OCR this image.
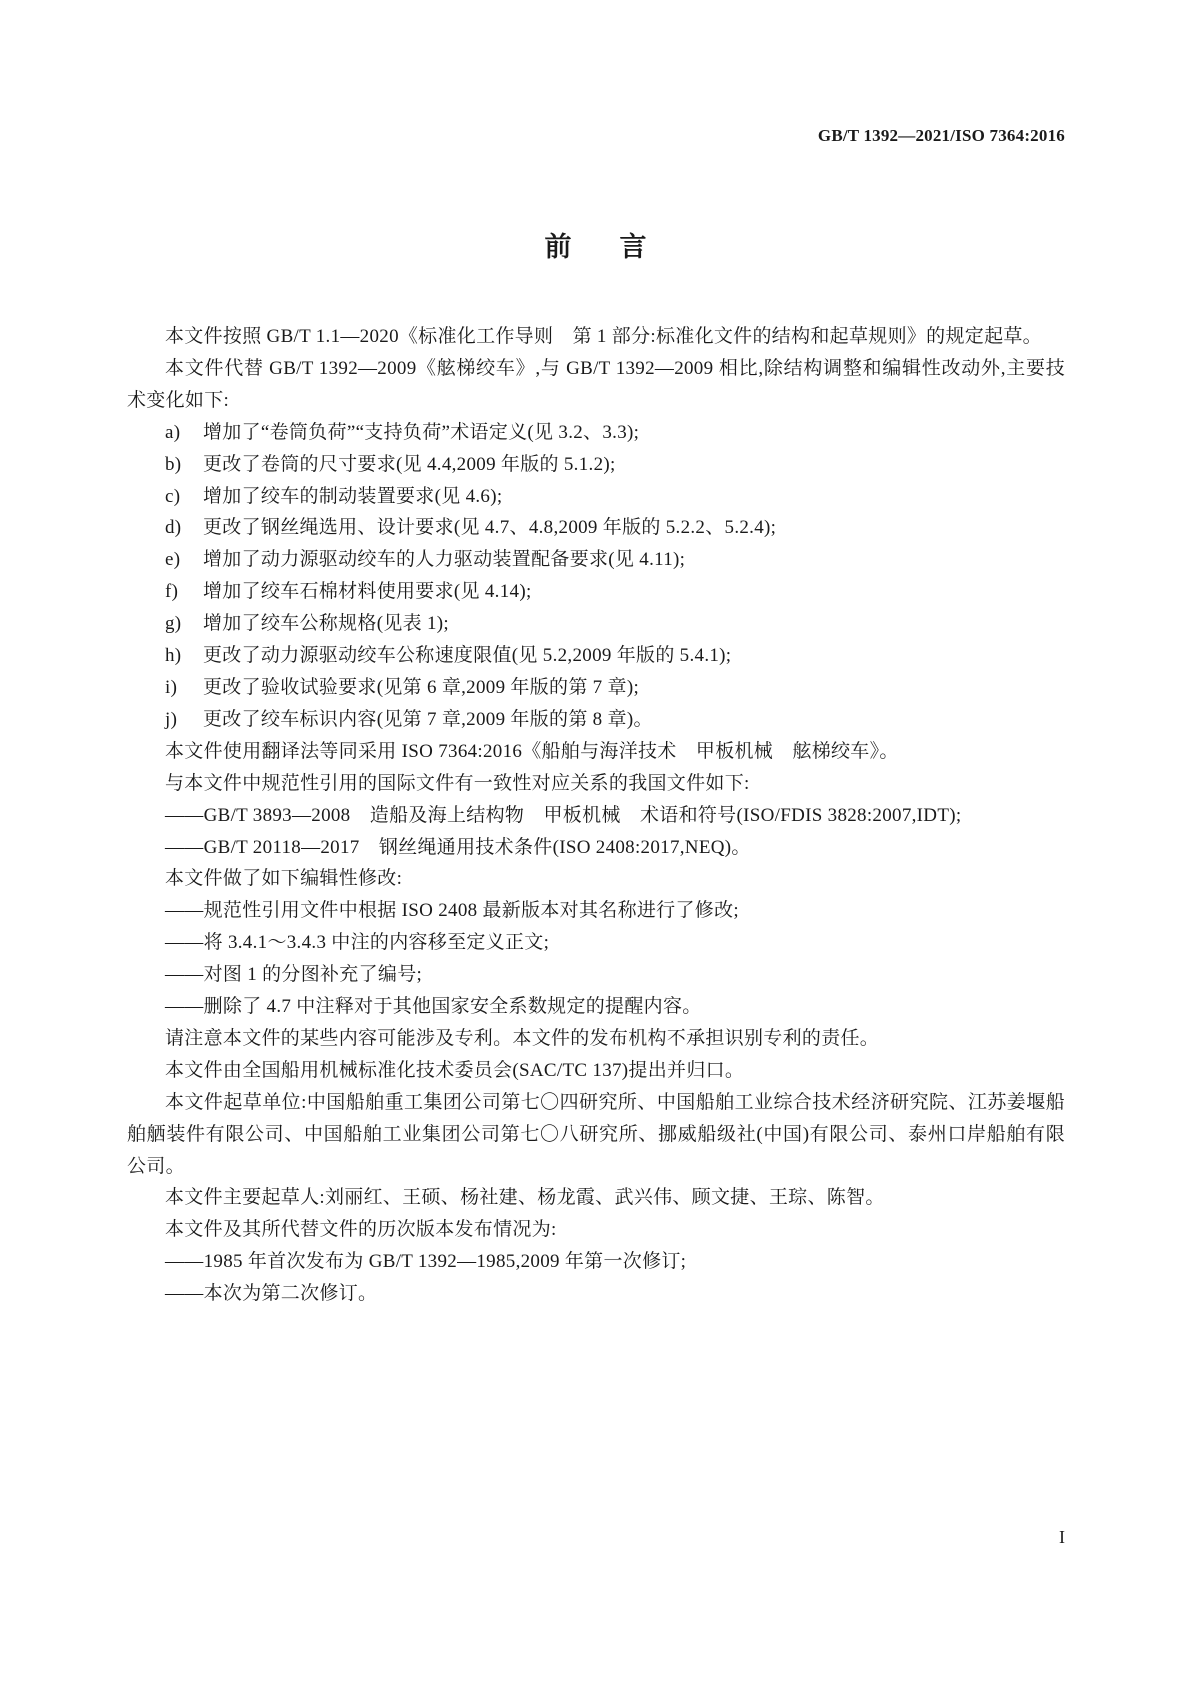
GB/T 1392—2021/ISO 7364:2016
前言

本文件按照 GB/T 1.1—2020《标准化工作导则　第 1 部分:标准化文件的结构和起草规则》的规定起草。

本文件代替 GB/T 1392—2009《舷梯绞车》,与 GB/T 1392—2009 相比,除结构调整和编辑性改动外,主要技术变化如下:

a)	增加了“卷筒负荷”“支持负荷”术语定义(见 3.2、3.3);
b)	更改了卷筒的尺寸要求(见 4.4,2009 年版的 5.1.2);
c)	增加了绞车的制动装置要求(见 4.6);
d)	更改了钢丝绳选用、设计要求(见 4.7、4.8,2009 年版的 5.2.2、5.2.4);
e)	增加了动力源驱动绞车的人力驱动装置配备要求(见 4.11);
f)	增加了绞车石棉材料使用要求(见 4.14);
g)	增加了绞车公称规格(见表 1);
h)	更改了动力源驱动绞车公称速度限值(见 5.2,2009 年版的 5.4.1);
i)	更改了验收试验要求(见第 6 章,2009 年版的第 7 章);
j)	更改了绞车标识内容(见第 7 章,2009 年版的第 8 章)。

本文件使用翻译法等同采用 ISO 7364:2016《船舶与海洋技术　甲板机械　舷梯绞车》。

与本文件中规范性引用的国际文件有一致性对应关系的我国文件如下:

——GB/T 3893—2008　造船及海上结构物　甲板机械　术语和符号(ISO/FDIS 3828:2007,IDT);

——GB/T 20118—2017　钢丝绳通用技术条件(ISO 2408:2017,NEQ)。

本文件做了如下编辑性修改:

——规范性引用文件中根据 ISO 2408 最新版本对其名称进行了修改;

——将 3.4.1～3.4.3 中注的内容移至定义正文;

——对图 1 的分图补充了编号;

——删除了 4.7 中注释对于其他国家安全系数规定的提醒内容。

请注意本文件的某些内容可能涉及专利。本文件的发布机构不承担识别专利的责任。

本文件由全国船用机械标准化技术委员会(SAC/TC 137)提出并归口。

本文件起草单位:中国船舶重工集团公司第七〇四研究所、中国船舶工业综合技术经济研究院、江苏姜堰船舶舾装件有限公司、中国船舶工业集团公司第七〇八研究所、挪威船级社(中国)有限公司、泰州口岸船舶有限公司。

本文件主要起草人:刘丽红、王硕、杨社建、杨龙霞、武兴伟、顾文捷、王琮、陈智。

本文件及其所代替文件的历次版本发布情况为:

——1985 年首次发布为 GB/T 1392—1985,2009 年第一次修订;

——本次为第二次修订。

I
